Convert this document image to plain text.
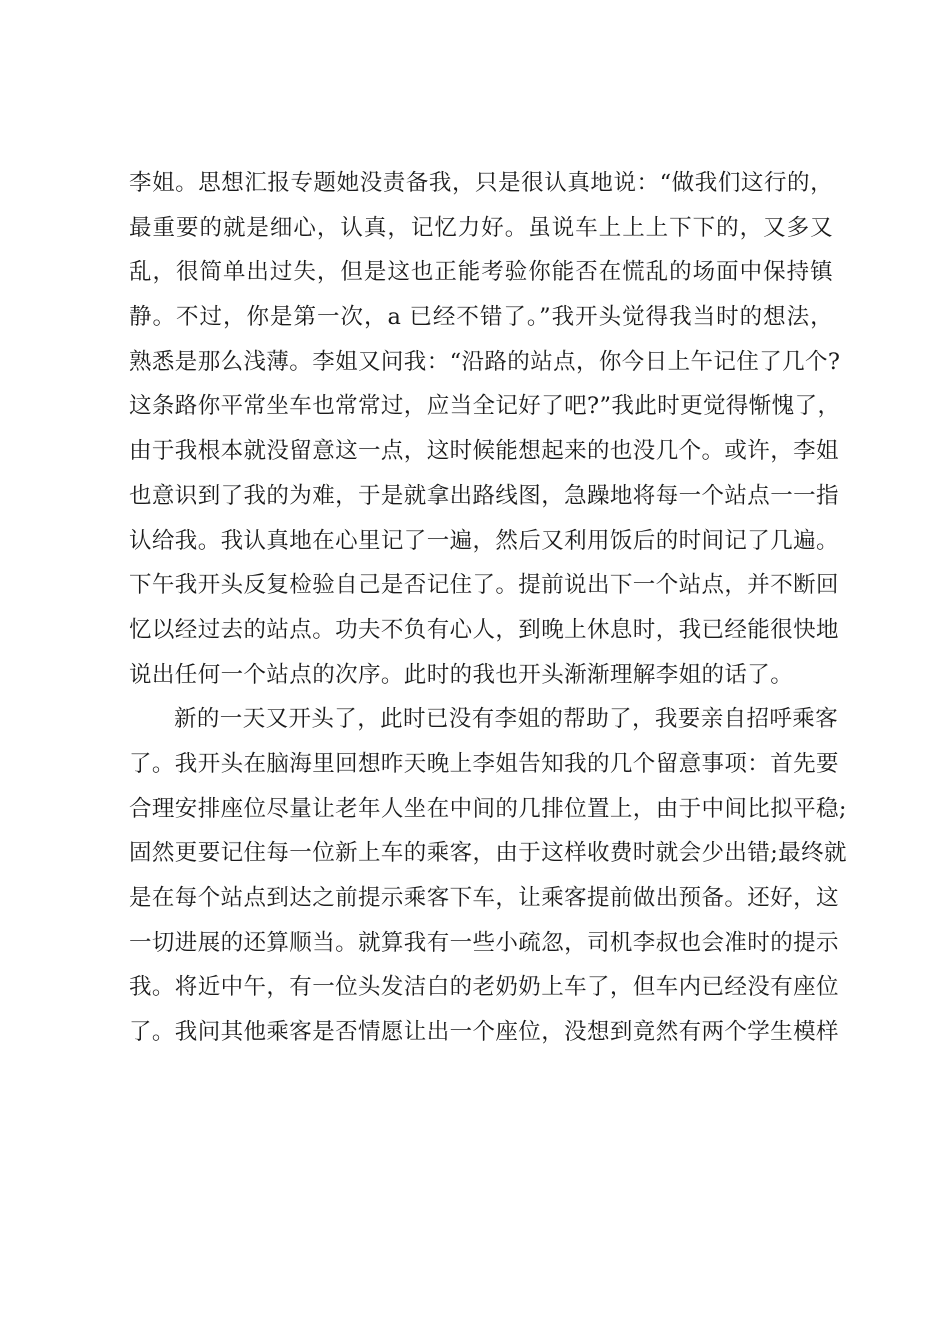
李姐。思想汇报专题她没责备我，只是很认真地说：“做我们这行的，
最重要的就是细心，认真，记忆力好。虽说车上上上下下的，又多又
乱，很简单出过失，但是这也正能考验你能否在慌乱的场面中保持镇
静。不过，你是第一次，a 已经不错了。”我开头觉得我当时的想法，
熟悉是那么浅薄。李姐又问我：“沿路的站点，你今日上午记住了几个?
这条路你平常坐车也常常过，应当全记好了吧?”我此时更觉得惭愧了，
由于我根本就没留意这一点，这时候能想起来的也没几个。或许，李姐
也意识到了我的为难，于是就拿出路线图，急躁地将每一个站点一一指
认给我。我认真地在心里记了一遍，然后又利用饭后的时间记了几遍。
下午我开头反复检验自己是否记住了。提前说出下一个站点，并不断回
忆以经过去的站点。功夫不负有心人，到晚上休息时，我已经能很快地
说出任何一个站点的次序。此时的我也开头渐渐理解李姐的话了。
新的一天又开头了，此时已没有李姐的帮助了，我要亲自招呼乘客
了。我开头在脑海里回想昨天晚上李姐告知我的几个留意事项：首先要
合理安排座位尽量让老年人坐在中间的几排位置上，由于中间比拟平稳;
固然更要记住每一位新上车的乘客，由于这样收费时就会少出错;最终就
是在每个站点到达之前提示乘客下车，让乘客提前做出预备。还好，这
一切进展的还算顺当。就算我有一些小疏忽，司机李叔也会准时的提示
我。将近中午，有一位头发洁白的老奶奶上车了，但车内已经没有座位
了。我问其他乘客是否情愿让出一个座位，没想到竟然有两个学生模样
